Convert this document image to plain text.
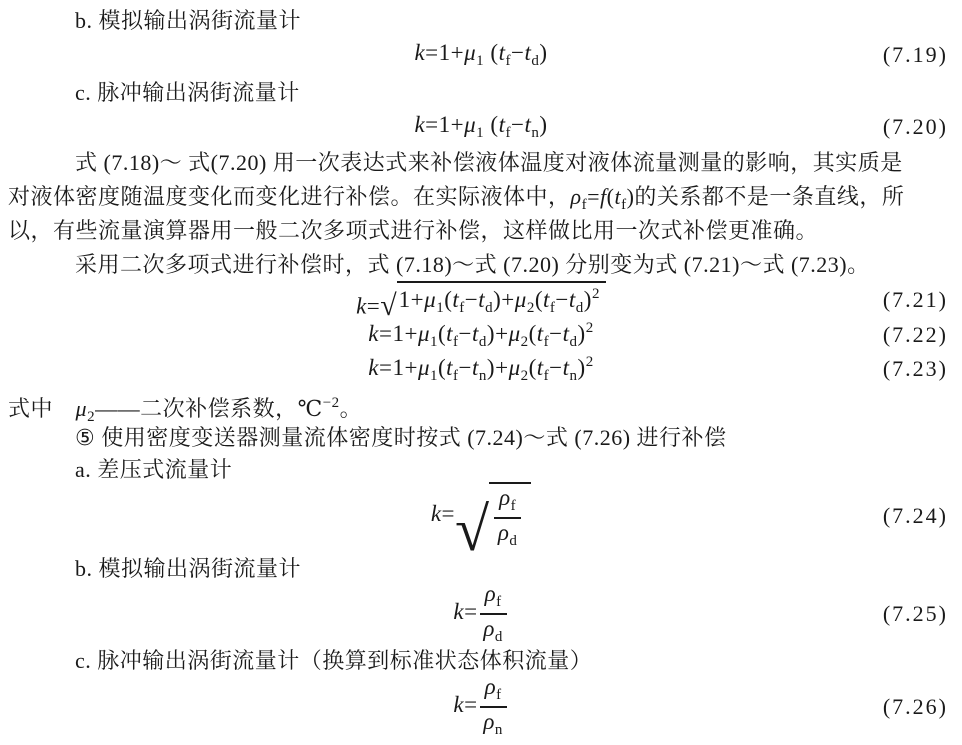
b. 模拟输出涡街流量计
$k=1+\mu_1$ $(t_f-t_d)$	(7.19)
c. 脉冲输出涡街流量计
$k=1+\mu_1$ $(t_f-t_n)$	(7.20)
式 (7.18)～ 式(7.20) 用一次表达式来补偿液体温度对液体流量测量的影响，其实质是
对液体密度随温度变化而变化进行补偿。在实际液体中，$\rho_f=f(t_f)$的关系都不是一条直线，所
以，有些流量演算器用一般二次多项式进行补偿，这样做比用一次式补偿更准确。
采用二次多项式进行补偿时，式 (7.18)～式 (7.20) 分别变为式 (7.21)～式 (7.23)。
k= √ $1+\mu_1(t_f-t_d)+\mu_2(t_f-t_d)^2$	(7.21)
$k=1+\mu_1(t_f-t_d)+\mu_2(t_f-t_d)^2$	(7.22)
$k=1+\mu_1(t_f-t_n)+\mu_2(t_f-t_n)^2$	(7.23)
式中　$\mu_2——$二次补偿系数，℃$^{-2}$。
⑤ 使用密度变送器测量流体密度时按式 (7.24)～式 (7.26) 进行补偿
a. 差压式流量计
k= √ $\frac{\rho_f}{\rho_d}$	(7.24)
b. 模拟输出涡街流量计
$k= \frac{\rho_f}{\rho_d}$	(7.25)
c. 脉冲输出涡街流量计（换算到标准状态体积流量）
$k= \frac{\rho_f}{\rho_n}$	(7.26)
